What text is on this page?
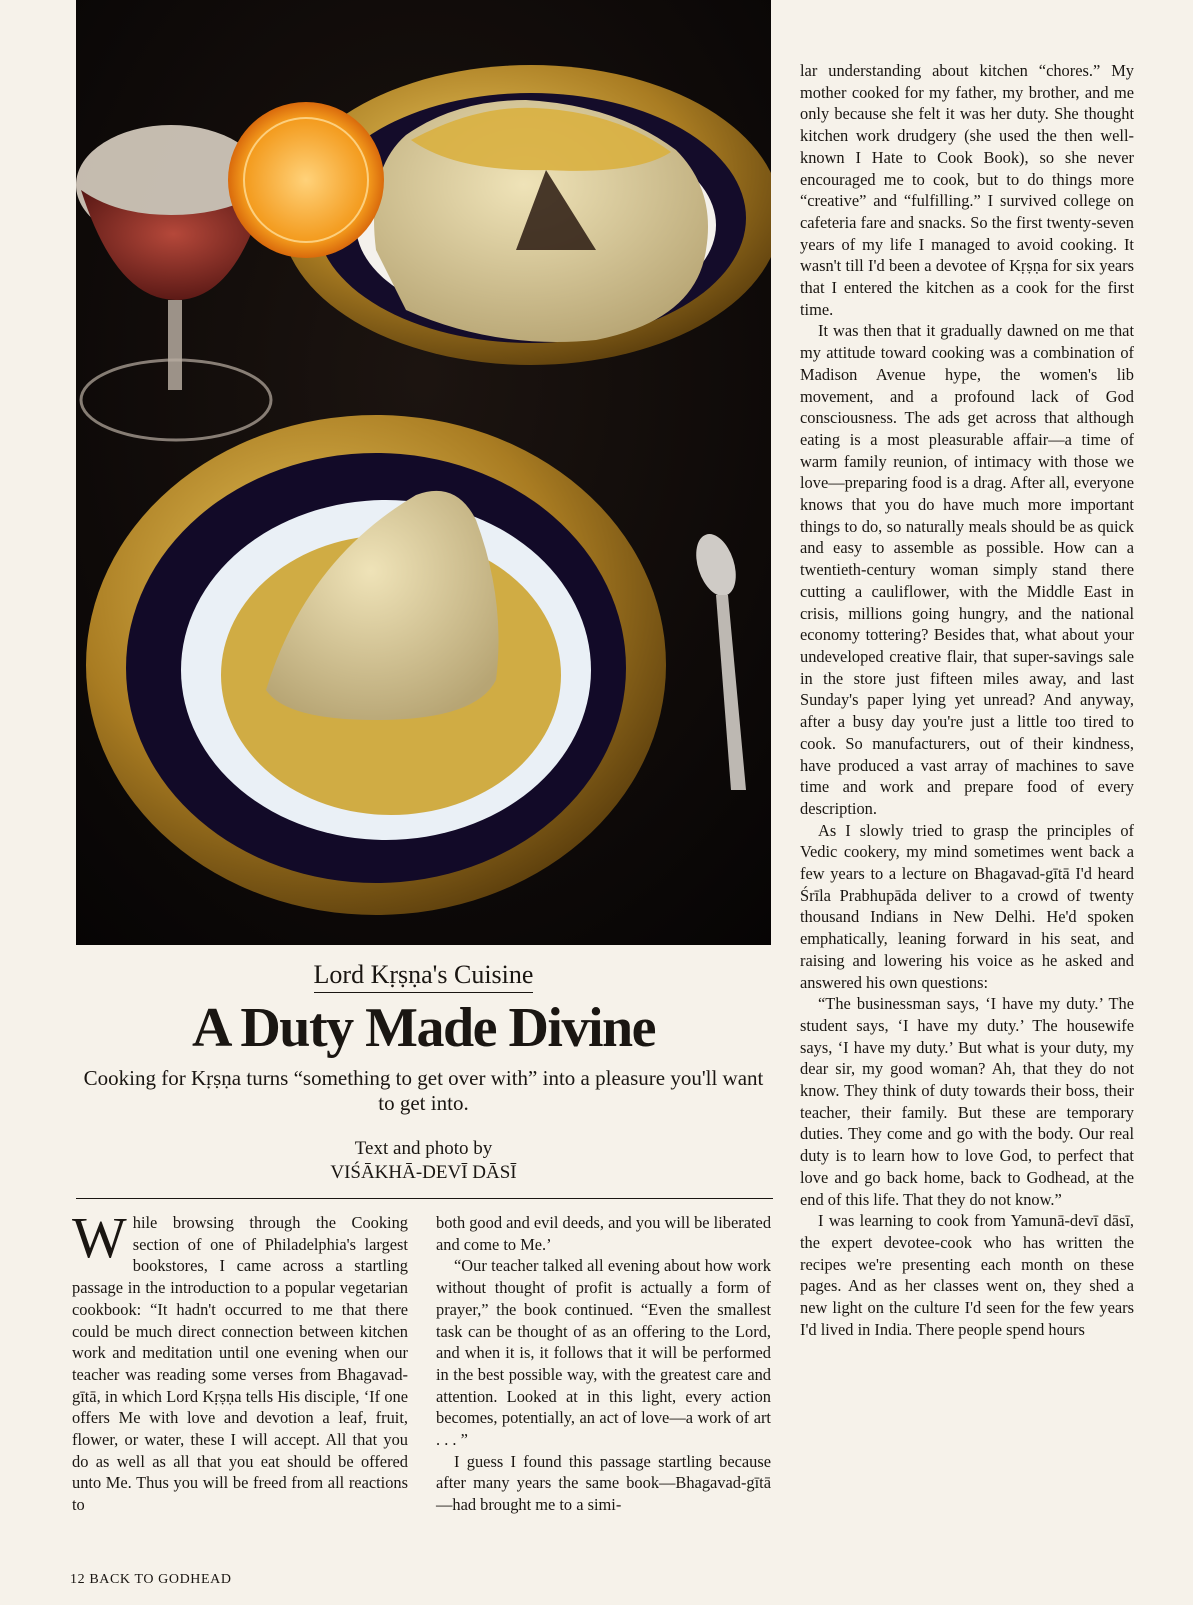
Lord Kṛṣṇa's Cuisine
A Duty Made Divine
Cooking for Kṛṣṇa turns “something to get over with” into a pleasure you'll want to get into.
Text and photo by
VIŚĀKHĀ-DEVĪ DĀSĪ

While browsing through the Cooking section of one of Philadelphia's largest bookstores, I came across a startling passage in the introduction to a popular vegetarian cookbook: “It hadn't occurred to me that there could be much direct connection between kitchen work and meditation until one evening when our teacher was reading some verses from Bhagavad-gītā, in which Lord Kṛṣṇa tells His disciple, ‘If one offers Me with love and devotion a leaf, fruit, flower, or water, these I will accept. All that you do as well as all that you eat should be offered unto Me. Thus you will be freed from all reactions to

both good and evil deeds, and you will be liberated and come to Me.’

“Our teacher talked all evening about how work without thought of profit is actually a form of prayer,” the book continued. “Even the smallest task can be thought of as an offering to the Lord, and when it is, it follows that it will be performed in the best possible way, with the greatest care and attention. Looked at in this light, every action becomes, potentially, an act of love—a work of art . . . ”

I guess I found this passage startling because after many years the same book—Bhagavad-gītā—had brought me to a simi-

lar understanding about kitchen “chores.” My mother cooked for my father, my brother, and me only because she felt it was her duty. She thought kitchen work drudgery (she used the then well-known I Hate to Cook Book), so she never encouraged me to cook, but to do things more “creative” and “fulfilling.” I survived college on cafeteria fare and snacks. So the first twenty-seven years of my life I managed to avoid cooking. It wasn't till I'd been a devotee of Kṛṣṇa for six years that I entered the kitchen as a cook for the first time.

It was then that it gradually dawned on me that my attitude toward cooking was a combination of Madison Avenue hype, the women's lib movement, and a profound lack of God consciousness. The ads get across that although eating is a most pleasurable affair—a time of warm family reunion, of intimacy with those we love—preparing food is a drag. After all, everyone knows that you do have much more important things to do, so naturally meals should be as quick and easy to assemble as possible. How can a twentieth-century woman simply stand there cutting a cauliflower, with the Middle East in crisis, millions going hungry, and the national economy tottering? Besides that, what about your undeveloped creative flair, that super-savings sale in the store just fifteen miles away, and last Sunday's paper lying yet unread? And anyway, after a busy day you're just a little too tired to cook. So manufacturers, out of their kindness, have produced a vast array of machines to save time and work and prepare food of every description.

As I slowly tried to grasp the principles of Vedic cookery, my mind sometimes went back a few years to a lecture on Bhagavad-gītā I'd heard Śrīla Prabhupāda deliver to a crowd of twenty thousand Indians in New Delhi. He'd spoken emphatically, leaning forward in his seat, and raising and lowering his voice as he asked and answered his own questions:

“The businessman says, ‘I have my duty.’ The student says, ‘I have my duty.’ The housewife says, ‘I have my duty.’ But what is your duty, my dear sir, my good woman? Ah, that they do not know. They think of duty towards their boss, their teacher, their family. But these are temporary duties. They come and go with the body. Our real duty is to learn how to love God, to perfect that love and go back home, back to Godhead, at the end of this life. That they do not know.”

I was learning to cook from Yamunā-devī dāsī, the expert devotee-cook who has written the recipes we're presenting each month on these pages. And as her classes went on, they shed a new light on the culture I'd seen for the few years I'd lived in India. There people spend hours

12 BACK TO GODHEAD
